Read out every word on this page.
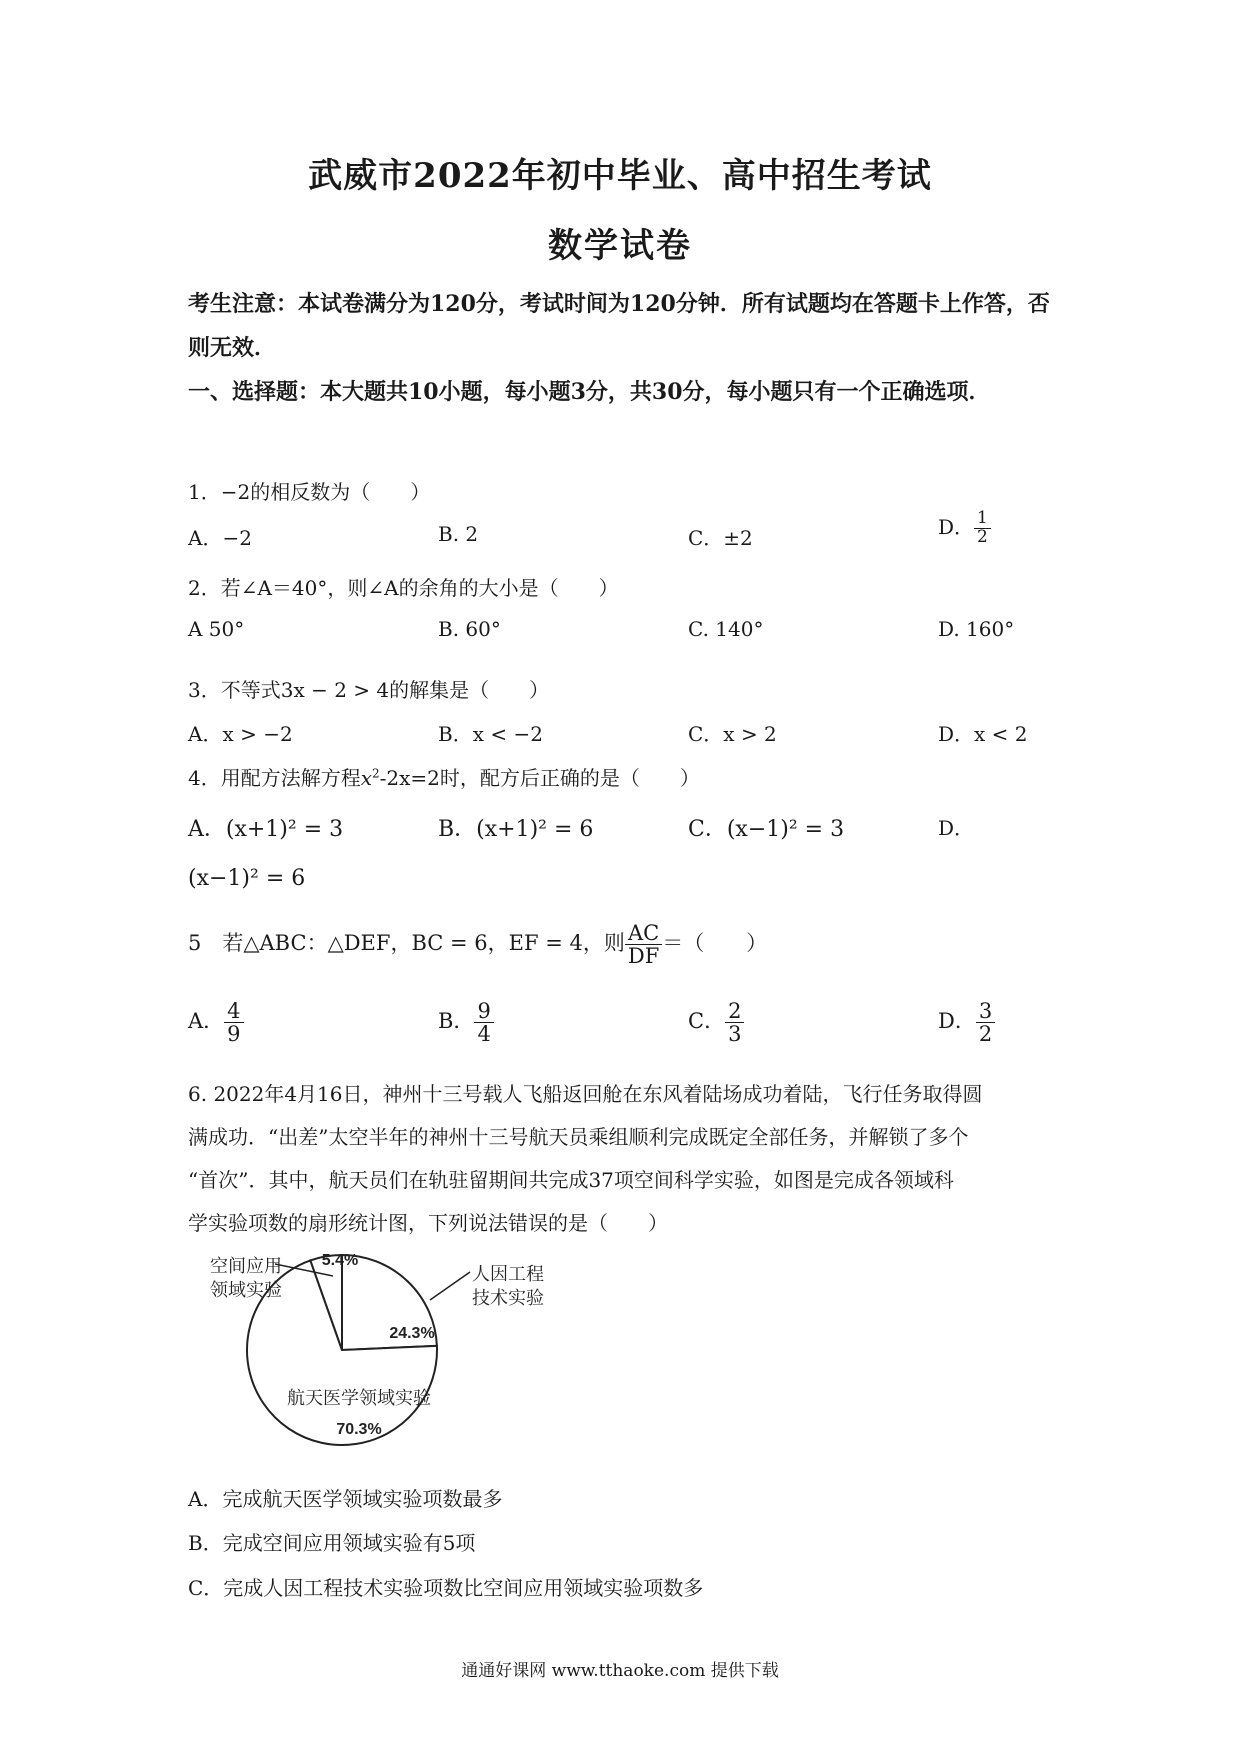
武威市2022年初中毕业、高中招生考试
数学试卷
考生注意：本试卷满分为120分，考试时间为120分钟．所有试题均在答题卡上作答，否则无效．
一、选择题：本大题共10小题，每小题3分，共30分，每小题只有一个正确选项．
1．−2的相反数为（　　）
A．−2	B. 2	C．±2	D． $\frac{1}{2}$
2．若∠A＝40°，则∠A的余角的大小是（　　）
A 50°	B. 60°	C. 140°	D. 160°
3．不等式3x − 2 > 4的解集是（　　）
A．x > −2	B．x < −2	C．x > 2	D．x < 2
4．用配方法解方程$x^2-2x=2$时，配方后正确的是（　　）
A．(x+1)² = 3	B．(x+1)² = 6	C．(x−1)² = 3	D．
(x−1)² = 6
5　若△ABC：△DEF，BC = 6，EF = 4，则 $\frac{AC}{DF}$ ＝（　　）
A． $\frac{4}{9}$	B． $\frac{9}{4}$	C． $\frac{2}{3}$	D． $\frac{3}{2}$
6. 2022年4月16日，神州十三号载人飞船返回舱在东风着陆场成功着陆，飞行任务取得圆
满成功．“出差”太空半年的神州十三号航天员乘组顺利完成既定全部任务，并解锁了多个
“首次”．其中，航天员们在轨驻留期间共完成37项空间科学实验，如图是完成各领域科
学实验项数的扇形统计图，下列说法错误的是（　　）
人因工程技术实验
空间应用领域实验
航天医学领域实验
24.3%
70.3%
5.4%
A．完成航天医学领域实验项数最多
B．完成空间应用领域实验有5项
C．完成人因工程技术实验项数比空间应用领域实验项数多
通通好课网 www.tthaoke.com 提供下载
